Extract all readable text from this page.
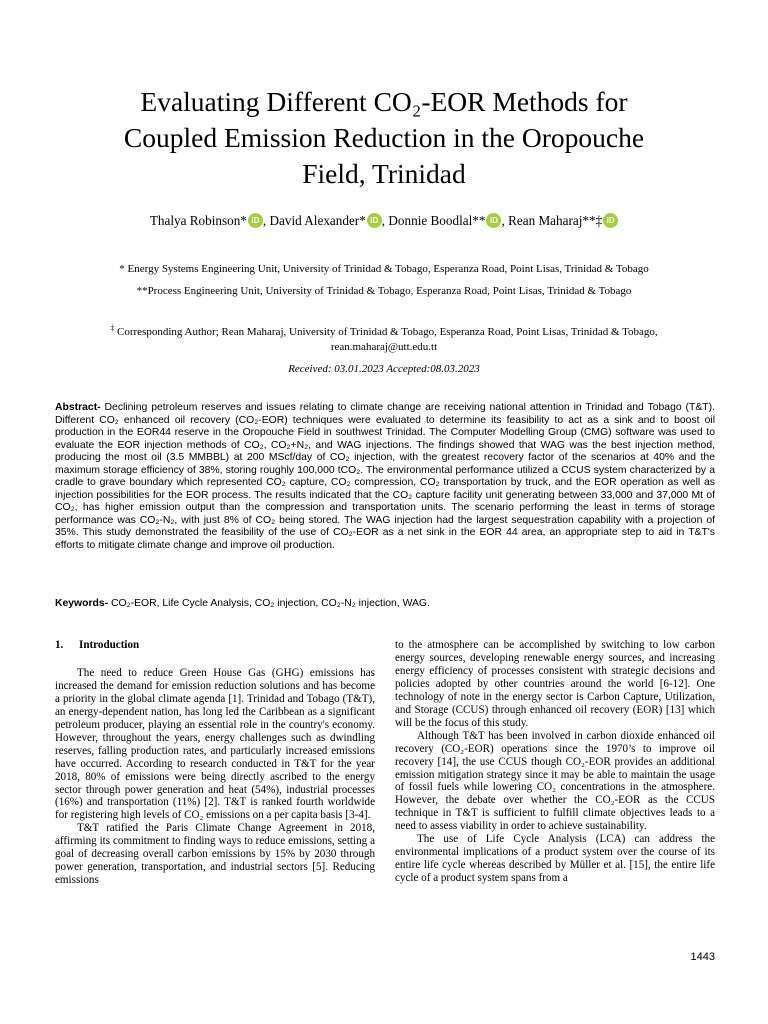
Evaluating Different CO₂-EOR Methods for
Coupled Emission Reduction in the Oropouche
Field, Trinidad
Thalya Robinson* iD , David Alexander* iD , Donnie Boodlal** iD , Rean Maharaj**‡ iD
* Energy Systems Engineering Unit, University of Trinidad & Tobago, Esperanza Road, Point Lisas, Trinidad & Tobago
**Process Engineering Unit, University of Trinidad & Tobago, Esperanza Road, Point Lisas, Trinidad & Tobago
‡ Corresponding Author; Rean Maharaj, University of Trinidad & Tobago, Esperanza Road, Point Lisas, Trinidad & Tobago,
rean.maharaj@utt.edu.tt
Received: 03.01.2023 Accepted:08.03.2023

Abstract- Declining petroleum reserves and issues relating to climate change are receiving national attention in Trinidad and Tobago (T&T). Different CO₂ enhanced oil recovery (CO₂-EOR) techniques were evaluated to determine its feasibility to act as a sink and to boost oil production in the EOR44 reserve in the Oropouche Field in southwest Trinidad. The Computer Modelling Group (CMG) software was used to evaluate the EOR injection methods of CO₂, CO₂+N₂, and WAG injections. The findings showed that WAG was the best injection method, producing the most oil (3.5 MMBBL) at 200 MScf/day of CO₂ injection, with the greatest recovery factor of the scenarios at 40% and the maximum storage efficiency of 38%, storing roughly 100,000 tCO₂. The environmental performance utilized a CCUS system characterized by a cradle to grave boundary which represented CO₂ capture, CO₂ compression, CO₂ transportation by truck, and the EOR operation as well as injection possibilities for the EOR process. The results indicated that the CO₂ capture facility unit generating between 33,000 and 37,000 Mt of CO₂, has higher emission output than the compression and transportation units. The scenario performing the least in terms of storage performance was CO₂-N₂, with just 8% of CO₂ being stored. The WAG injection had the largest sequestration capability with a projection of 35%. This study demonstrated the feasibility of the use of CO₂-EOR as a net sink in the EOR 44 area, an appropriate step to aid in T&T's efforts to mitigate climate change and improve oil production.

Keywords- CO₂-EOR, Life Cycle Analysis, CO₂ injection, CO₂-N₂ injection, WAG.

1. Introduction

The need to reduce Green House Gas (GHG) emissions has increased the demand for emission reduction solutions and has become a priority in the global climate agenda [1]. Trinidad and Tobago (T&T), an energy-dependent nation, has long led the Caribbean as a significant petroleum producer, playing an essential role in the country's economy. However, throughout the years, energy challenges such as dwindling reserves, falling production rates, and particularly increased emissions have occurred. According to research conducted in T&T for the year 2018, 80% of emissions were being directly ascribed to the energy sector through power generation and heat (54%), industrial processes (16%) and transportation (11%) [2]. T&T is ranked fourth worldwide for registering high levels of CO₂ emissions on a per capita basis [3-4].

T&T ratified the Paris Climate Change Agreement in 2018, affirming its commitment to finding ways to reduce emissions, setting a goal of decreasing overall carbon emissions by 15% by 2030 through power generation, transportation, and industrial sectors [5]. Reducing emissions

to the atmosphere can be accomplished by switching to low carbon energy sources, developing renewable energy sources, and increasing energy efficiency of processes consistent with strategic decisions and policies adopted by other countries around the world [6-12]. One technology of note in the energy sector is Carbon Capture, Utilization, and Storage (CCUS) through enhanced oil recovery (EOR) [13] which will be the focus of this study.

Although T&T has been involved in carbon dioxide enhanced oil recovery (CO₂-EOR) operations since the 1970’s to improve oil recovery [14], the use CCUS though CO₂-EOR provides an additional emission mitigation strategy since it may be able to maintain the usage of fossil fuels while lowering CO₂ concentrations in the atmosphere. However, the debate over whether the CO₂-EOR as the CCUS technique in T&T is sufficient to fulfill climate objectives leads to a need to assess viability in order to achieve sustainability.

The use of Life Cycle Analysis (LCA) can address the environmental implications of a product system over the course of its entire life cycle whereas described by Müller et al. [15], the entire life cycle of a product system spans from a

1443
